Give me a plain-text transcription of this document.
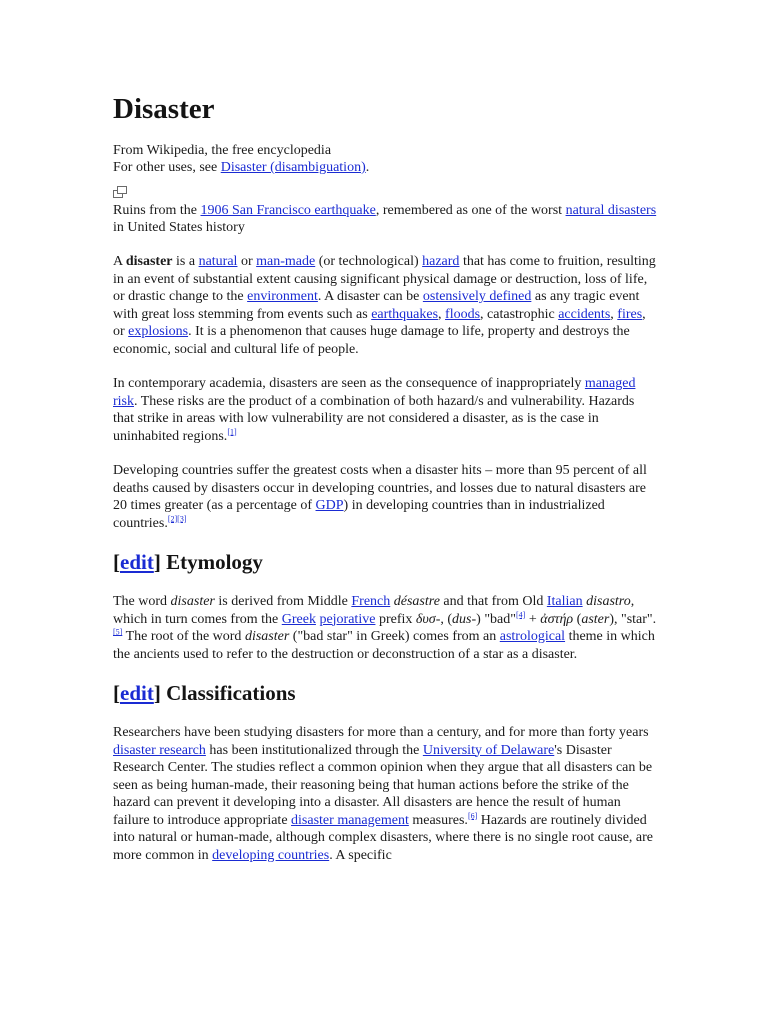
Disaster

From Wikipedia, the free encyclopedia

For other uses, see Disaster (disambiguation).

Ruins from the 1906 San Francisco earthquake, remembered as one of the worst natural disasters in United States history

A disaster is a natural or man-made (or technological) hazard that has come to fruition, resulting in an event of substantial extent causing significant physical damage or destruction, loss of life, or drastic change to the environment. A disaster can be ostensively defined as any tragic event with great loss stemming from events such as earthquakes, floods, catastrophic accidents, fires, or explosions. It is a phenomenon that causes huge damage to life, property and destroys the economic, social and cultural life of people.

In contemporary academia, disasters are seen as the consequence of inappropriately managed risk. These risks are the product of a combination of both hazard/s and vulnerability. Hazards that strike in areas with low vulnerability are not considered a disaster, as is the case in uninhabited regions.[1]

Developing countries suffer the greatest costs when a disaster hits – more than 95 percent of all deaths caused by disasters occur in developing countries, and losses due to natural disasters are 20 times greater (as a percentage of GDP) in developing countries than in industrialized countries.[2][3]

[edit] Etymology

The word disaster is derived from Middle French désastre and that from Old Italian disastro, which in turn comes from the Greek pejorative prefix δυσ-, (dus-) "bad"[4] + ἀστήρ (aster), "star".[5] The root of the word disaster ("bad star" in Greek) comes from an astrological theme in which the ancients used to refer to the destruction or deconstruction of a star as a disaster.

[edit] Classifications

Researchers have been studying disasters for more than a century, and for more than forty years disaster research has been institutionalized through the University of Delaware's Disaster Research Center. The studies reflect a common opinion when they argue that all disasters can be seen as being human-made, their reasoning being that human actions before the strike of the hazard can prevent it developing into a disaster. All disasters are hence the result of human failure to introduce appropriate disaster management measures.[6] Hazards are routinely divided into natural or human-made, although complex disasters, where there is no single root cause, are more common in developing countries. A specific
